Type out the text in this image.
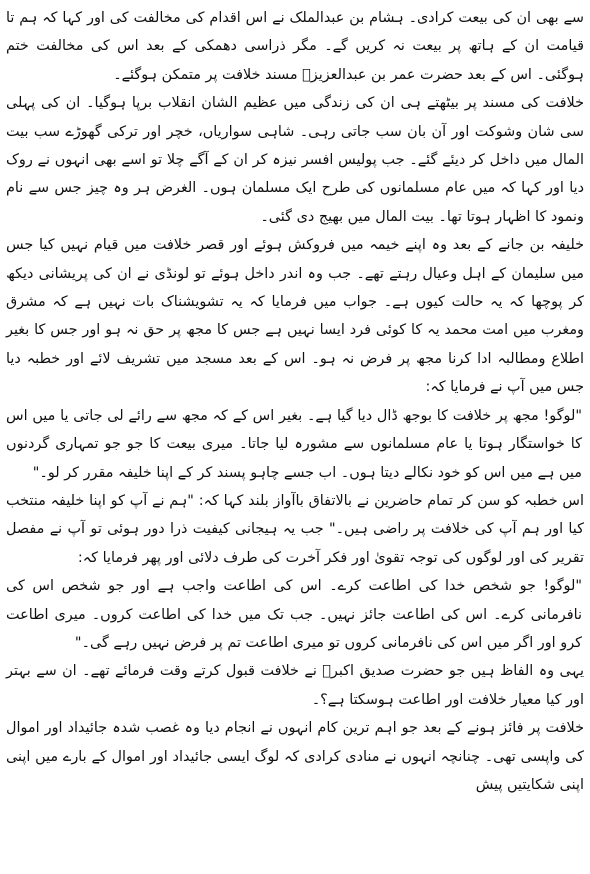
سے بھی ان کی بیعت کرادی۔ ہشام بن عبدالملک نے اس اقدام کی مخالفت کی اور کہا کہ ہم تا قیامت ان کے ہاتھ پر بیعت نہ کریں گے۔ مگر ذراسی دھمکی کے بعد اس کی مخالفت ختم ہوگئی۔ اس کے بعد حضرت عمر بن عبدالعزیزؒ مسند خلافت پر متمکن ہوگئے۔

خلافت کی مسند پر بیٹھتے ہی ان کی زندگی میں عظیم الشان انقلاب برپا ہوگیا۔ ان کی پہلی سی شان وشوکت اور آن بان سب جاتی رہی۔ شاہی سواریاں، خچر اور ترکی گھوڑے سب بیت المال میں داخل کر دیئے گئے۔ جب پولیس افسر نیزہ کر ان کے آگے چلا تو اسے بھی انہوں نے روک دیا اور کہا کہ میں عام مسلمانوں کی طرح ایک مسلمان ہوں۔ الغرض ہر وہ چیز جس سے نام ونمود کا اظہار ہوتا تھا۔ بیت المال میں بھیج دی گئی۔

خلیفہ بن جانے کے بعد وہ اپنے خیمہ میں فروکش ہوئے اور قصر خلافت میں قیام نہیں کیا جس میں سلیمان کے اہل وعیال رہتے تھے۔ جب وہ اندر داخل ہوئے تو لونڈی نے ان کی پریشانی دیکھ کر پوچھا کہ یہ حالت کیوں ہے۔ جواب میں فرمایا کہ یہ تشویشناک بات نہیں ہے کہ مشرق ومغرب میں امت محمد یہ کا کوئی فرد ایسا نہیں ہے جس کا مجھ پر حق نہ ہو اور جس کا بغیر اطلاع ومطالبہ ادا کرنا مجھ پر فرض نہ ہو۔ اس کے بعد مسجد میں تشریف لائے اور خطبہ دیا جس میں آپ نے فرمایا کہ:

"لوگو! مجھ پر خلافت کا بوجھ ڈال دیا گیا ہے۔ بغیر اس کے کہ مجھ سے رائے لی جاتی یا میں اس کا خواستگار ہوتا یا عام مسلمانوں سے مشورہ لیا جاتا۔ میری بیعت کا جو جو تمہاری گردنوں میں ہے میں اس کو خود نکالے دیتا ہوں۔ اب جسے چاہو پسند کر کے اپنا خلیفہ مقرر کر لو۔"

اس خطبہ کو سن کر تمام حاضرین نے بالاتفاق باآواز بلند کہا کہ: "ہم نے آپ کو اپنا خلیفہ منتخب کیا اور ہم آپ کی خلافت پر راضی ہیں۔" جب یہ ہیجانی کیفیت ذرا دور ہوئی تو آپ نے مفصل تقریر کی اور لوگوں کی توجہ تقویٰ اور فکر آخرت کی طرف دلائی اور پھر فرمایا کہ:

"لوگو! جو شخص خدا کی اطاعت کرے۔ اس کی اطاعت واجب ہے اور جو شخص اس کی نافرمانی کرے۔ اس کی اطاعت جائز نہیں۔ جب تک میں خدا کی اطاعت کروں۔ میری اطاعت کرو اور اگر میں اس کی نافرمانی کروں تو میری اطاعت تم پر فرض نہیں رہے گی۔"

یہی وہ الفاظ ہیں جو حضرت صدیق اکبرؓ نے خلافت قبول کرتے وقت فرمائے تھے۔ ان سے بہتر اور کیا معیار خلافت اور اطاعت ہوسکتا ہے؟۔

خلافت پر فائز ہونے کے بعد جو اہم ترین کام انہوں نے انجام دیا وہ غصب شدہ جائیداد اور اموال کی واپسی تھی۔ چنانچہ انہوں نے منادی کرادی کہ لوگ ایسی جائیداد اور اموال کے بارے میں اپنی اپنی شکایتیں پیش
